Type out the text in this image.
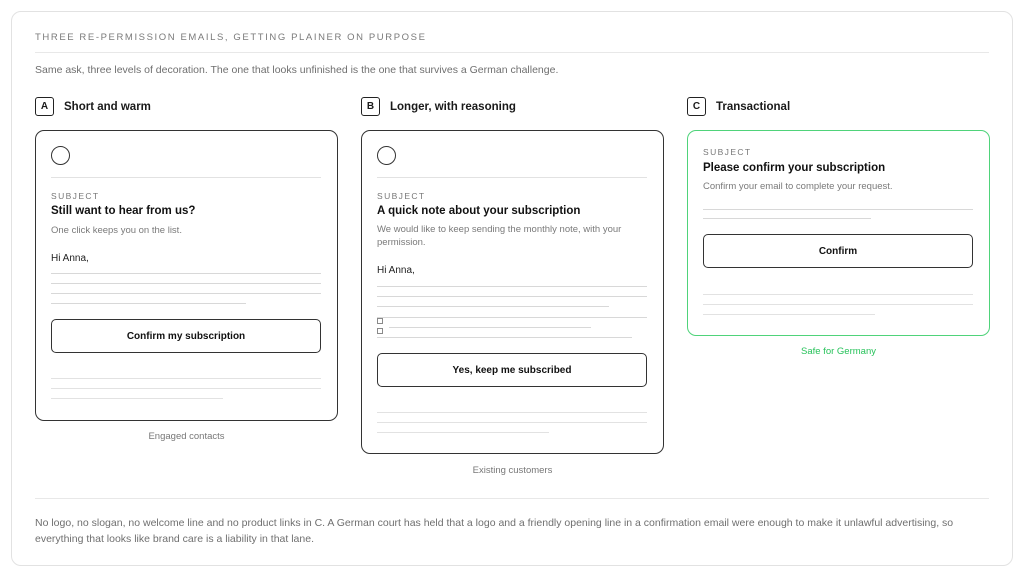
THREE RE-PERMISSION EMAILS, GETTING PLAINER ON PURPOSE
Same ask, three levels of decoration. The one that looks unfinished is the one that survives a German challenge.
A	Short and warm
SUBJECT
Still want to hear from us?
One click keeps you on the list.
Hi Anna,
Confirm my subscription
Engaged contacts
B	Longer, with reasoning
SUBJECT
A quick note about your subscription
We would like to keep sending the monthly note, with your permission.
Hi Anna,
Yes, keep me subscribed
Existing customers
C	Transactional
SUBJECT
Please confirm your subscription
Confirm your email to complete your request.
Confirm
Safe for Germany
No logo, no slogan, no welcome line and no product links in C. A German court has held that a logo and a friendly opening line in a confirmation email were enough to make it unlawful advertising, so everything that looks like brand care is a liability in that lane.
